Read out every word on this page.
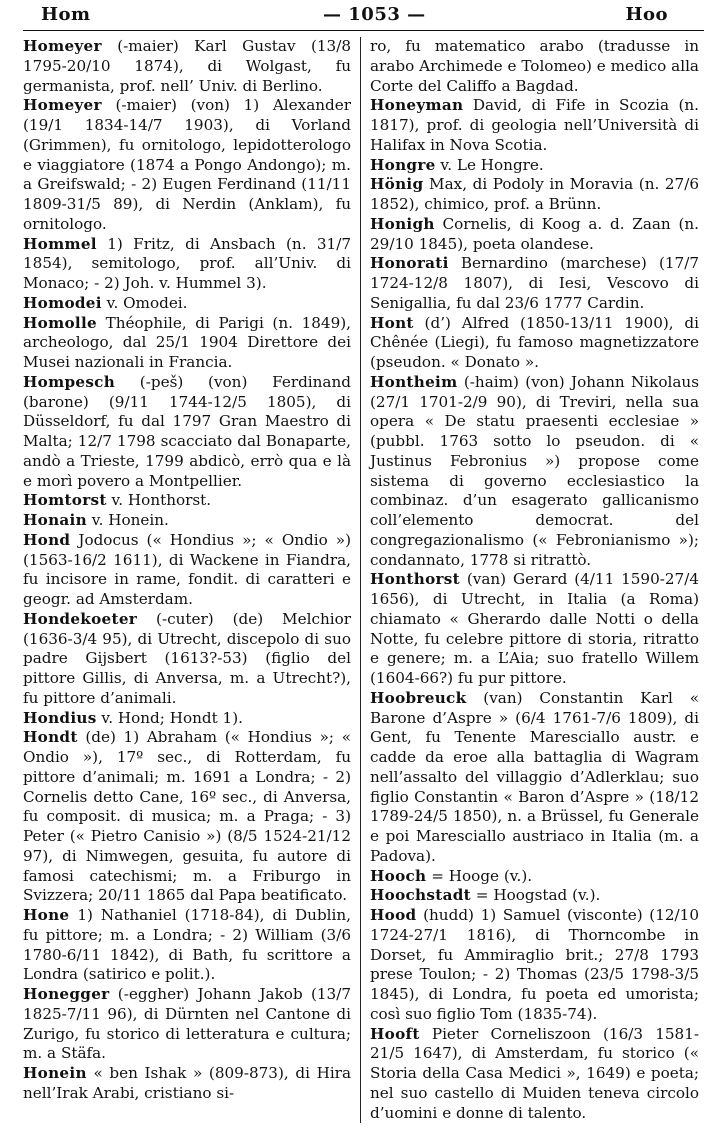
Hom	— 1053 —	Hoo

Homeyer (-maier) Karl Gustav (13/8 1795-20/10 1874), di Wolgast, fu germanista, prof. nell’ Univ. di Berlino.

Homeyer (-maier) (von) 1) Alexander (19/1 1834-14/7 1903), di Vorland (Grimmen), fu ornitologo, lepidotterologo e viaggiatore (1874 a Pongo Andongo); m. a Greifswald; - 2) Eugen Ferdinand (11/11 1809-31/5 89), di Nerdin (Anklam), fu ornitologo.

Hommel 1) Fritz, di Ansbach (n. 31/7 1854), semitologo, prof. all’Univ. di Monaco; - 2) Joh. v. Hummel 3).

Homodei v. Omodei.

Homolle Théophile, di Parigi (n. 1849), archeologo, dal 25/1 1904 Direttore dei Musei nazionali in Francia.

Hompesch (-peš) (von) Ferdinand (barone) (9/11 1744-12/5 1805), di Düsseldorf, fu dal 1797 Gran Maestro di Malta; 12/7 1798 scacciato dal Bonaparte, andò a Trieste, 1799 abdicò, errò qua e là e morì povero a Montpellier.

Homtorst v. Honthorst.

Honain v. Honein.

Hond Jodocus (« Hondius »; « Ondio ») (1563-16/2 1611), di Wackene in Fiandra, fu incisore in rame, fondit. di caratteri e geogr. ad Amsterdam.

Hondekoeter (-cuter) (de) Melchior (1636-3/4 95), di Utrecht, discepolo di suo padre Gijsbert (1613?-53) (figlio del pittore Gillis, di Anversa, m. a Utrecht?), fu pittore d’animali.

Hondius v. Hond; Hondt 1).

Hondt (de) 1) Abraham (« Hondius »; « Ondio »), 17º sec., di Rotterdam, fu pittore d’animali; m. 1691 a Londra; - 2) Cornelis detto Cane, 16º sec., di Anversa, fu composit. di musica; m. a Praga; - 3) Peter (« Pietro Canisio ») (8/5 1524-21/12 97), di Nimwegen, gesuita, fu autore di famosi catechismi; m. a Friburgo in Svizzera; 20/11 1865 dal Papa beatificato.

Hone 1) Nathaniel (1718-84), di Dublin, fu pittore; m. a Londra; - 2) William (3/6 1780-6/11 1842), di Bath, fu scrittore a Londra (satirico e polit.).

Honegger (-eggher) Johann Jakob (13/7 1825-7/11 96), di Dürnten nel Cantone di Zurigo, fu storico di letteratura e cultura; m. a Stäfa.

Honein « ben Ishak » (809-873), di Hira nell’Irak Arabi, cristiano si-

ro, fu matematico arabo (tradusse in arabo Archimede e Tolomeo) e medico alla Corte del Califfo a Bagdad.

Honeyman David, di Fife in Scozia (n. 1817), prof. di geologia nell’Università di Halifax in Nova Scotia.

Hongre v. Le Hongre.

Hönig Max, di Podoly in Moravia (n. 27/6 1852), chimico, prof. a Brünn.

Honigh Cornelis, di Koog a. d. Zaan (n. 29/10 1845), poeta olandese.

Honorati Bernardino (marchese) (17/7 1724-12/8 1807), di Iesi, Vescovo di Senigallia, fu dal 23/6 1777 Cardin.

Hont (d’) Alfred (1850-13/11 1900), di Chênée (Liegi), fu famoso magnetizzatore (pseudon. « Donato ».

Hontheim (-haim) (von) Johann Nikolaus (27/1 1701-2/9 90), di Treviri, nella sua opera « De statu praesenti ecclesiae » (pubbl. 1763 sotto lo pseudon. di « Justinus Febronius ») propose come sistema di governo ecclesiastico la combinaz. d’un esagerato gallicanismo coll’elemento democrat. del congregazionalismo (« Febronianismo »); condannato, 1778 si ritrattò.

Honthorst (van) Gerard (4/11 1590-27/4 1656), di Utrecht, in Italia (a Roma) chiamato « Gherardo dalle Notti o della Notte, fu celebre pittore di storia, ritratto e genere; m. a L’Aia; suo fratello Willem (1604-66?) fu pur pittore.

Hoobreuck (van) Constantin Karl « Barone d’Aspre » (6/4 1761-7/6 1809), di Gent, fu Tenente Maresciallo austr. e cadde da eroe alla battaglia di Wagram nell’assalto del villaggio d’Adlerklau; suo figlio Constantin « Baron d’Aspre » (18/12 1789-24/5 1850), n. a Brüssel, fu Generale e poi Maresciallo austriaco in Italia (m. a Padova).

Hooch = Hooge (v.).

Hoochstadt = Hoogstad (v.).

Hood (hudd) 1) Samuel (visconte) (12/10 1724-27/1 1816), di Thorncombe in Dorset, fu Ammiraglio brit.; 27/8 1793 prese Toulon; - 2) Thomas (23/5 1798-3/5 1845), di Londra, fu poeta ed umorista; così suo figlio Tom (1835-74).

Hooft Pieter Corneliszoon (16/3 1581-21/5 1647), di Amsterdam, fu storico (« Storia della Casa Medici », 1649) e poeta; nel suo castello di Muiden teneva circolo d’uomini e donne di talento.
